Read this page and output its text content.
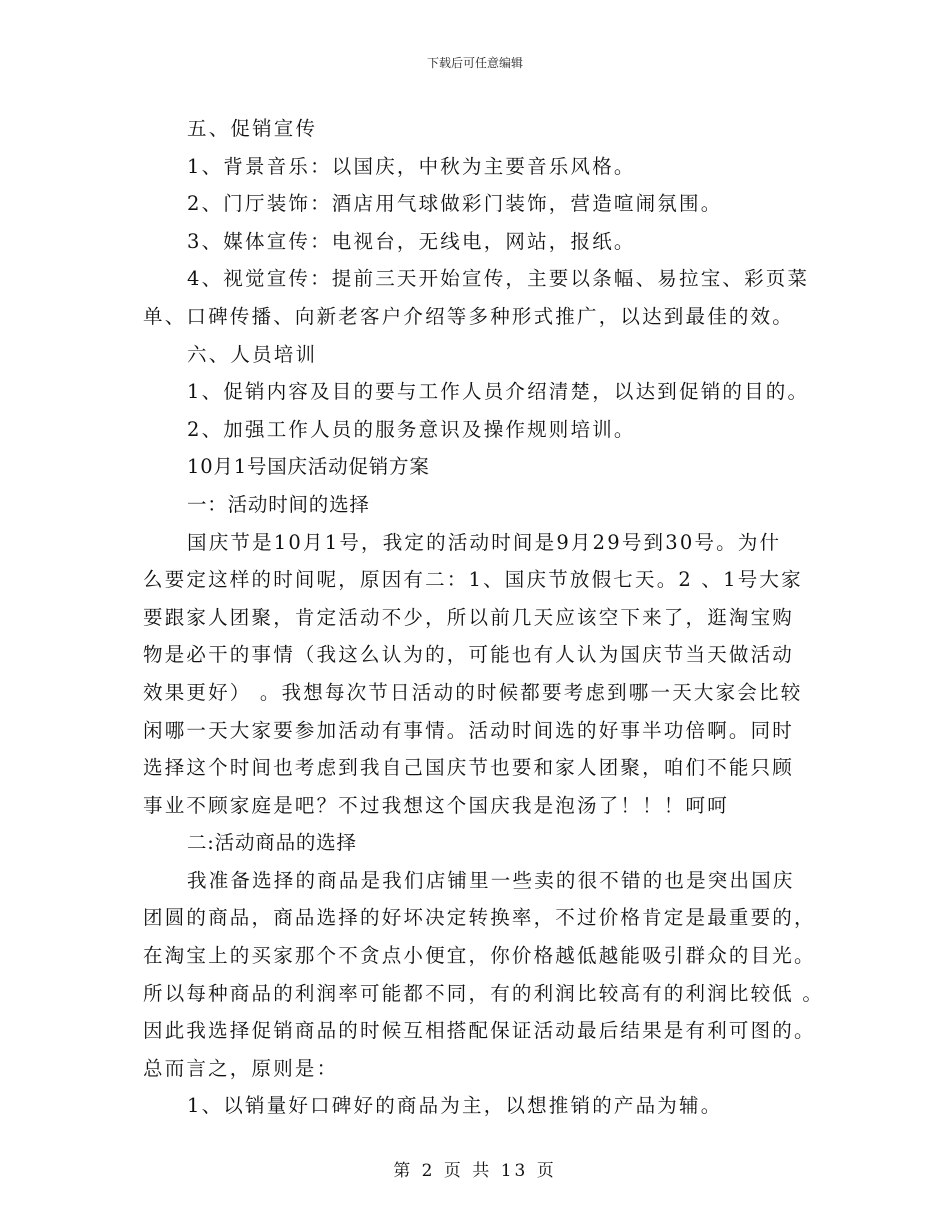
下载后可任意编辑
五、促销宣传
1、背景音乐：以国庆，中秋为主要音乐风格。
2、门厅装饰：酒店用气球做彩门装饰，营造喧闹氛围。
3、媒体宣传：电视台，无线电，网站，报纸。
4、视觉宣传：提前三天开始宣传，主要以条幅、易拉宝、彩页菜
单、口碑传播、向新老客户介绍等多种形式推广，以达到最佳的效。
六、人员培训
1、促销内容及目的要与工作人员介绍清楚，以达到促销的目的。
2、加强工作人员的服务意识及操作规则培训。
10月1号国庆活动促销方案
一：活动时间的选择
国庆节是10月1号，我定的活动时间是9月29号到30号。为什
么要定这样的时间呢，原因有二：1、国庆节放假七天。2 、1号大家
要跟家人团聚，肯定活动不少，所以前几天应该空下来了，逛淘宝购
物是必干的事情（我这么认为的，可能也有人认为国庆节当天做活动
效果更好） 。我想每次节日活动的时候都要考虑到哪一天大家会比较
闲哪一天大家要参加活动有事情。活动时间选的好事半功倍啊。同时
选择这个时间也考虑到我自己国庆节也要和家人团聚，咱们不能只顾
事业不顾家庭是吧？不过我想这个国庆我是泡汤了！！！呵呵
二:活动商品的选择
我准备选择的商品是我们店铺里一些卖的很不错的也是突出国庆
团圆的商品，商品选择的好坏决定转换率，不过价格肯定是最重要的，
在淘宝上的买家那个不贪点小便宜，你价格越低越能吸引群众的目光。
所以每种商品的利润率可能都不同，有的利润比较高有的利润比较低 。
因此我选择促销商品的时候互相搭配保证活动最后结果是有利可图的。
总而言之，原则是：
1、以销量好口碑好的商品为主，以想推销的产品为辅。
第 2 页 共 13 页
